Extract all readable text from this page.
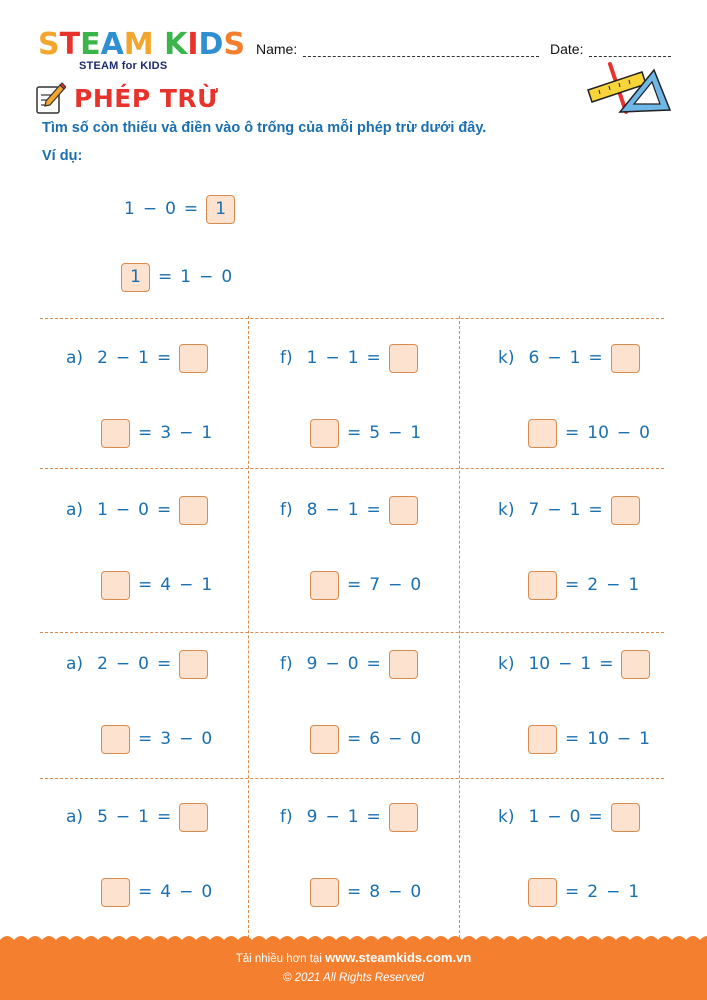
STEAM KIDS
STEAM for KIDS
Name:	Date:
PHÉP TRỪ
Tìm số còn thiếu và điền vào ô trống của mỗi phép trừ dưới đây.
Ví dụ:
1 − 0 =	1
1	= 1 − 0
a) 2 − 1 =
= 3 − 1
f) 1 − 1 =
= 5 − 1
k) 6 − 1 =
= 10 − 0
a) 1 − 0 =
= 4 − 1
f) 8 − 1 =
= 7 − 0
k) 7 − 1 =
= 2 − 1
a) 2 − 0 =
= 3 − 0
f) 9 − 0 =
= 6 − 0
k) 10 − 1 =
= 10 − 1
a) 5 − 1 =
= 4 − 0
f) 9 − 1 =
= 8 − 0
k) 1 − 0 =
= 2 − 1
Tải nhiều hơn tại www.steamkids.com.vn
© 2021 All Rights Reserved
